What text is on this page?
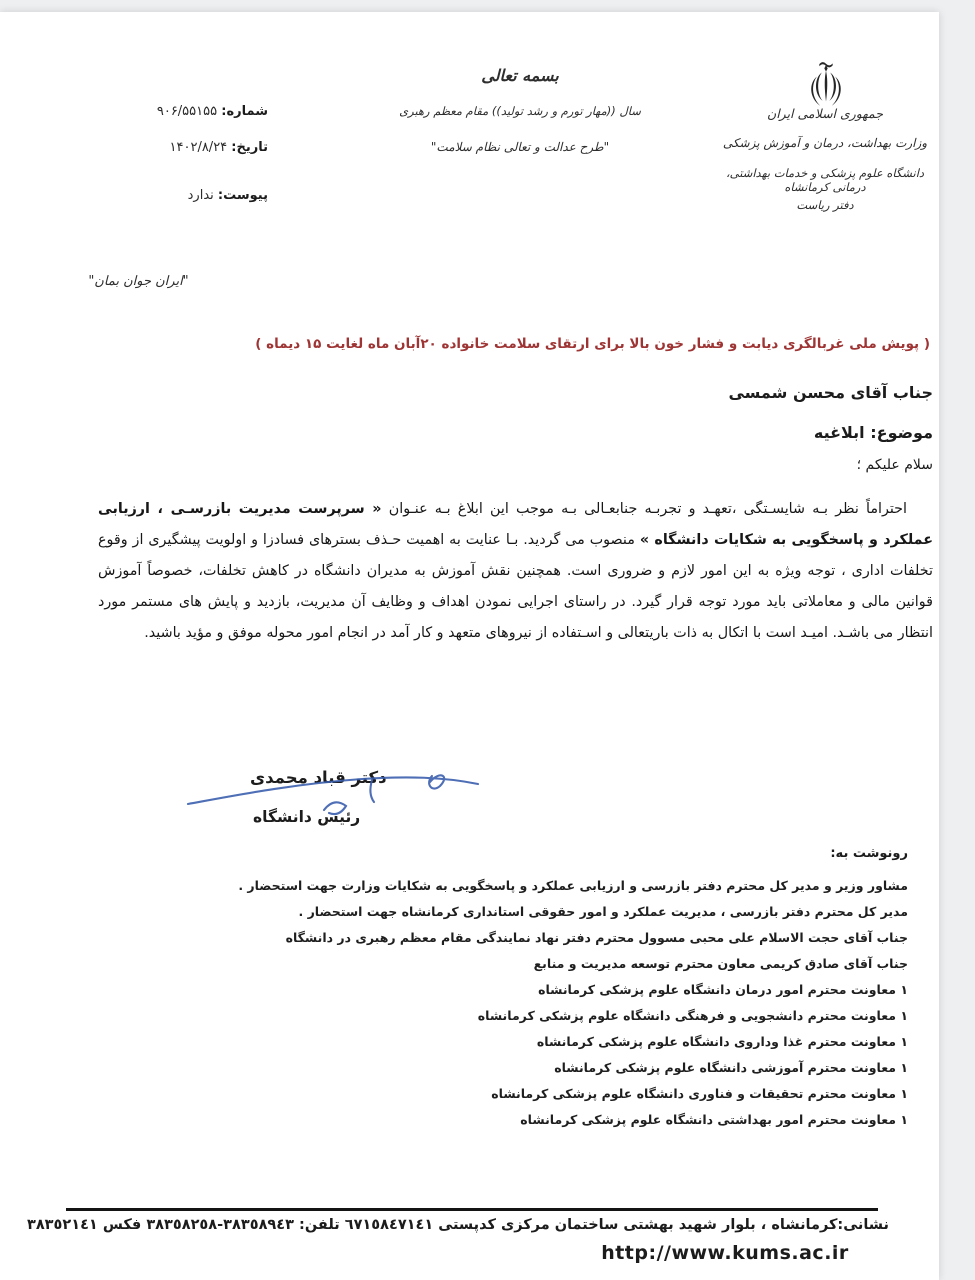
جمهوری اسلامی ایران
وزارت بهداشت، درمان و آموزش پزشکی
دانشگاه علوم پزشکی و خدمات بهداشتی، درمانی کرمانشاه
دفتر ریاست
بسمه تعالی
سال ((مهار تورم و رشد تولید)) مقام معظم رهبری
"طرح عدالت و تعالی نظام سلامت"
شماره: ۹۰۶/۵۵۱۵۵
تاریخ: ۱۴۰۲/۸/۲۴
پیوست: ندارد
"ایران جوان بمان"
( پویش ملی غربالگری دیابت و فشار خون بالا برای ارتقای سلامت خانواده ۲۰آبان ماه لغایت ۱۵ دیماه )
جناب آقای محسن شمسی
موضوع: ابلاغیه
سلام علیکم ؛
احتراماً نظر بـه شایسـتگی ،تعهـد و تجربـه جنابعـالی بـه موجب این ابلاغ بـه عنـوان « سرپرست مدیریت بازرسـی ، ارزیابی عملکرد و پاسخگویی به شکایات دانشگاه » منصوب می گردید. بـا عنایت به اهمیت حـذف بسترهای فسادزا و اولویت پیشگیری از وقوع تخلفات اداری ، توجه ویژه به این امور لازم و ضروری است. همچنین نقش آموزش به مدیران دانشگاه در کاهش تخلفات، خصوصاً آموزش قوانین مالی و معاملاتی باید مورد توجه قرار گیرد. در راستای اجرایی نمودن اهداف و وظایف آن مدیریت، بازدید و پایش های مستمر مورد انتظار می باشـد. امیـد است با اتکال به ذات باریتعالی و اسـتفاده از نیروهای متعهد و کار آمد در انجام امور محوله موفق و مؤید باشید.
دکتر قباد محمدی
رئیس دانشگاه
رونوشت به:
مشاور وزیر و مدیر کل محترم دفتر بازرسی و ارزیابی عملکرد و پاسخگویی به شکایات وزارت جهت استحضار .
مدیر کل محترم دفتر بازرسی ، مدیریت عملکرد و امور حقوقی استانداری کرمانشاه جهت استحضار .
جناب آقای حجت الاسلام علی محبی مسوول محترم دفتر نهاد نمایندگی مقام معظم رهبری در دانشگاه
جناب آقای صادق کریمی معاون محترم توسعه مدیریت و منابع
۱ معاونت محترم امور درمان دانشگاه علوم پزشکی کرمانشاه
۱ معاونت محترم دانشجویی و فرهنگی دانشگاه علوم پزشکی کرمانشاه
۱ معاونت محترم غذا وداروی دانشگاه علوم پزشکی کرمانشاه
۱ معاونت محترم آموزشی دانشگاه علوم پزشکی کرمانشاه
۱ معاونت محترم تحقیقات و فناوری دانشگاه علوم پزشکی کرمانشاه
۱ معاونت محترم امور بهداشتی دانشگاه علوم پزشکی کرمانشاه
نشانی:کرمانشاه ، بلوار شهید بهشتی ساختمان مرکزی کدپستی ٦٧١٥٨٤٧١٤١ تلفن: ٣٨٣٥٨٩٤٣-٣٨٣٥٨٢٥٨ فکس ٣٨٣٥٢١٤١
http://www.kums.ac.ir
